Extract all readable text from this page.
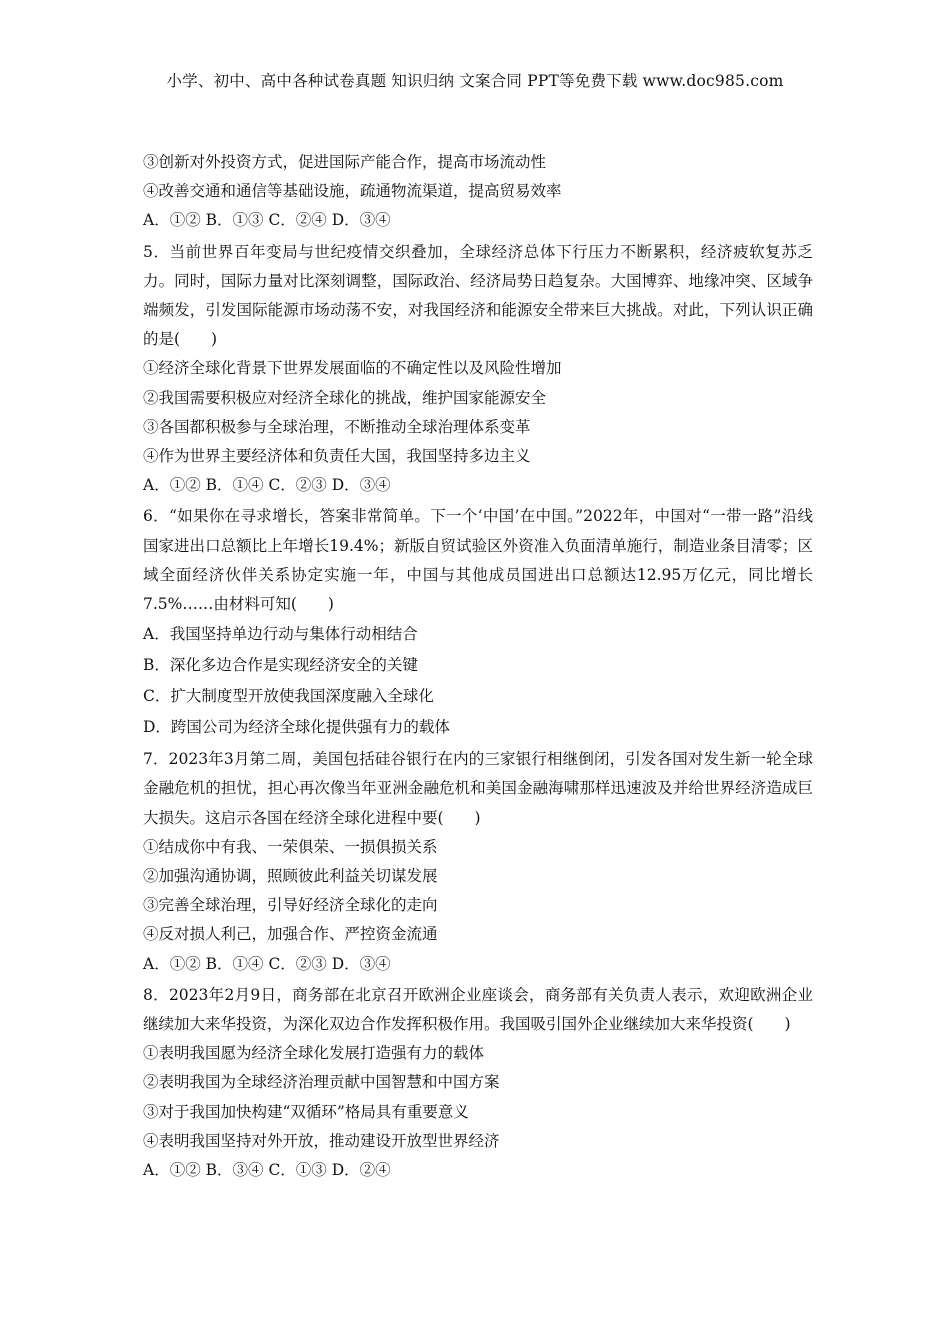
小学、初中、高中各种试卷真题 知识归纳 文案合同 PPT等免费下载 www.doc985.com
③创新对外投资方式，促进国际产能合作，提高市场流动性
④改善交通和通信等基础设施，疏通物流渠道，提高贸易效率
A．①② B．①③ C．②④ D．③④
5．当前世界百年变局与世纪疫情交织叠加，全球经济总体下行压力不断累积，经济疲软复苏乏力。同时，国际力量对比深刻调整，国际政治、经济局势日趋复杂。大国博弈、地缘冲突、区域争端频发，引发国际能源市场动荡不安，对我国经济和能源安全带来巨大挑战。对此，下列认识正确的是(　　)
①经济全球化背景下世界发展面临的不确定性以及风险性增加
②我国需要积极应对经济全球化的挑战，维护国家能源安全
③各国都积极参与全球治理，不断推动全球治理体系变革
④作为世界主要经济体和负责任大国，我国坚持多边主义
A．①② B．①④ C．②③ D．③④
6．“如果你在寻求增长，答案非常简单。下一个‘中国’在中国。”2022年，中国对“一带一路”沿线国家进出口总额比上年增长19.4%；新版自贸试验区外资准入负面清单施行，制造业条目清零；区域全面经济伙伴关系协定实施一年，中国与其他成员国进出口总额达12.95万亿元，同比增长7.5%……由材料可知(　　)
A．我国坚持单边行动与集体行动相结合
B．深化多边合作是实现经济安全的关键
C．扩大制度型开放使我国深度融入全球化
D．跨国公司为经济全球化提供强有力的载体
7．2023年3月第二周，美国包括硅谷银行在内的三家银行相继倒闭，引发各国对发生新一轮全球金融危机的担忧，担心再次像当年亚洲金融危机和美国金融海啸那样迅速波及并给世界经济造成巨大损失。这启示各国在经济全球化进程中要(　　)
①结成你中有我、一荣俱荣、一损俱损关系
②加强沟通协调，照顾彼此利益关切谋发展
③完善全球治理，引导好经济全球化的走向
④反对损人利己，加强合作、严控资金流通
A．①② B．①④ C．②③ D．③④
8．2023年2月9日，商务部在北京召开欧洲企业座谈会，商务部有关负责人表示，欢迎欧洲企业继续加大来华投资，为深化双边合作发挥积极作用。我国吸引国外企业继续加大来华投资(　　)
①表明我国愿为经济全球化发展打造强有力的载体
②表明我国为全球经济治理贡献中国智慧和中国方案
③对于我国加快构建“双循环”格局具有重要意义
④表明我国坚持对外开放，推动建设开放型世界经济
A．①② B．③④ C．①③ D．②④
